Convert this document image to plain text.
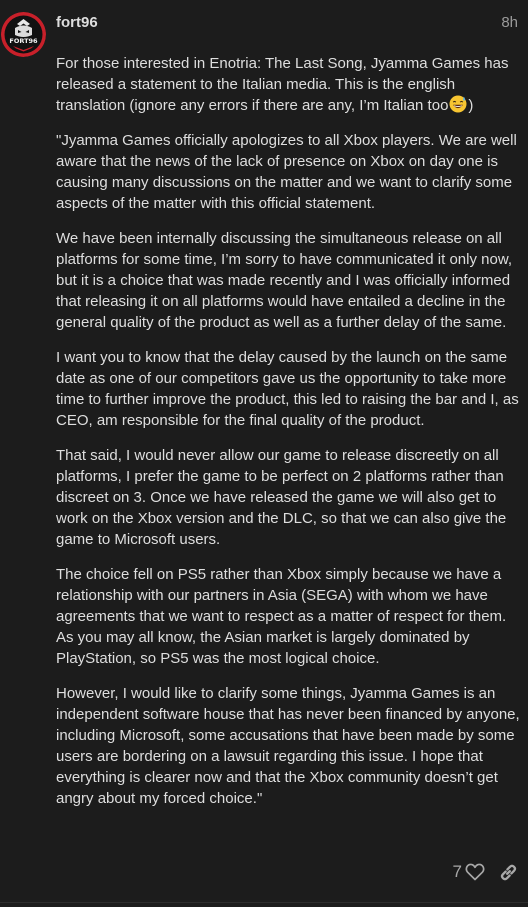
FORT96
fort96	8h

For those interested in Enotria: The Last Song, Jyamma Games has released a statement to the Italian media. This is the english translation (ignore any errors if there are any, I’m Italian too )

"Jyamma Games officially apologizes to all Xbox players. We are well aware that the news of the lack of presence on Xbox on day one is causing many discussions on the matter and we want to clarify some aspects of the matter with this official statement.

We have been internally discussing the simultaneous release on all platforms for some time, I’m sorry to have communicated it only now, but it is a choice that was made recently and I was officially informed that releasing it on all platforms would have entailed a decline in the general quality of the product as well as a further delay of the same.

I want you to know that the delay caused by the launch on the same date as one of our competitors gave us the opportunity to take more time to further improve the product, this led to raising the bar and I, as CEO, am responsible for the final quality of the product.

That said, I would never allow our game to release discreetly on all platforms, I prefer the game to be perfect on 2 platforms rather than discreet on 3. Once we have released the game we will also get to work on the Xbox version and the DLC, so that we can also give the game to Microsoft users.

The choice fell on PS5 rather than Xbox simply because we have a relationship with our partners in Asia (SEGA) with whom we have agreements that we want to respect as a matter of respect for them. As you may all know, the Asian market is largely dominated by PlayStation, so PS5 was the most logical choice.

However, I would like to clarify some things, Jyamma Games is an independent software house that has never been financed by anyone, including Microsoft, some accusations that have been made by some users are bordering on a lawsuit regarding this issue. I hope that everything is clearer now and that the Xbox community doesn’t get angry about my forced choice."

7
